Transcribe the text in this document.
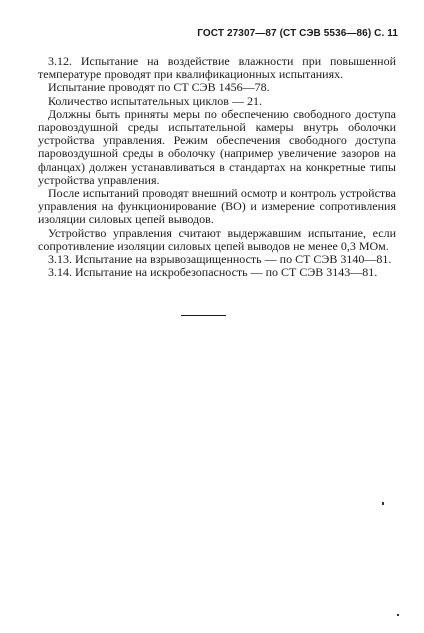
ГОСТ 27307—87 (СТ СЭВ 5536—86) С. 11

3.12. Испытание на воздействие влажности при повышенной температуре проводят при квалификационных испытаниях.

Испытание проводят по СТ СЭВ 1456—78.

Количество испытательных циклов — 21.

Должны быть приняты меры по обеспечению свободного доступа паровоздушной среды испытательной камеры внутрь оболочки устройства управления. Режим обеспечения свободного доступа паровоздушной среды в оболочку (например увеличение зазоров на фланцах) должен устанавливаться в стандартах на конкретные типы устройства управления.

После испытаний проводят внешний осмотр и контроль устройства управления на функционирование (ВО) и измерение сопротивления изоляции силовых цепей выводов.

Устройство управления считают выдержавшим испытание, если сопротивление изоляции силовых цепей выводов не менее 0,3 МОм.

3.13. Испытание на взрывозащищенность — по СТ СЭВ 3140—81.

3.14. Испытание на искробезопасность — по СТ СЭВ 3143—81.
